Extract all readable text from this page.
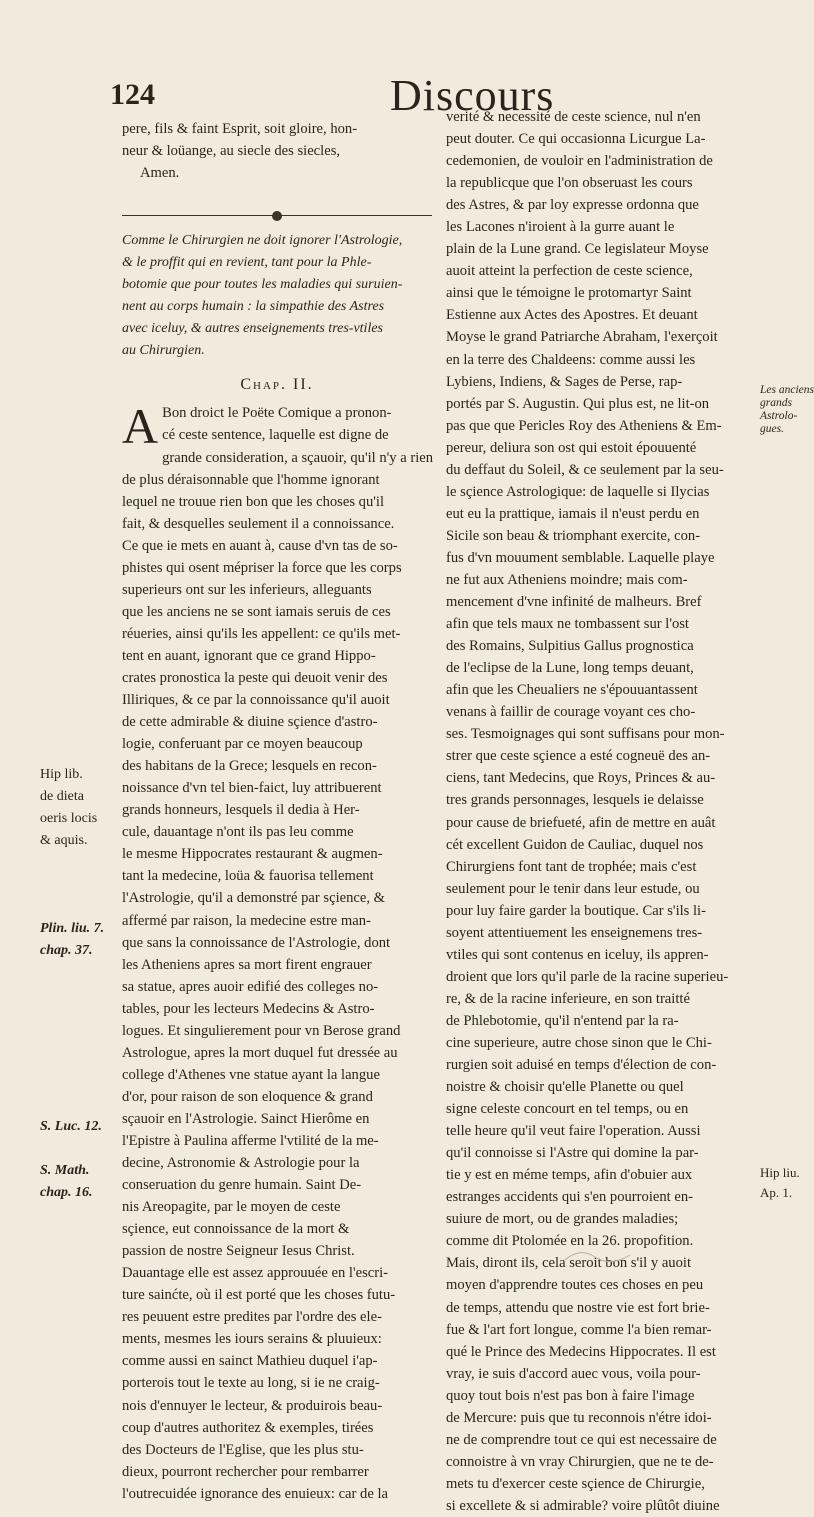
124	Discours
pere, fils & faint Esprit, soit gloire, hon-
neur & loüange, au siecle des siecles,
Amen.
Comme le Chirurgien ne doit ignorer l'Astrologie,
& le proffit qui en revient, tant pour la Phle-
botomie que pour toutes les maladies qui suruien-
nent au corps humain : la simpathie des Astres
avec iceluy, & autres enseignements tres-vtiles
au Chirurgien.
Chap. II.
A Bon droict le Poëte Comique a pronon-
cé ceste sentence, laquelle est digne de
grande consideration, a sçauoir, qu'il n'y a rien
de plus déraisonnable que l'homme ignorant
lequel ne trouue rien bon que les choses qu'il
fait, & desquelles seulement il a connoissance.
Ce que ie mets en auant à, cause d'vn tas de so-
phistes qui osent mépriser la force que les corps
superieurs ont sur les inferieurs, alleguants
que les anciens ne se sont iamais seruis de ces
réueries, ainsi qu'ils les appellent: ce qu'ils met-
tent en auant, ignorant que ce grand Hippo-
crates pronostica la peste qui deuoit venir des
Illiriques, & ce par la connoissance qu'il auoit
de cette admirable & diuine sçience d'astro-
logie, conferuant par ce moyen beaucoup
des habitans de la Grece; lesquels en recon-
noissance d'vn tel bien-faict, luy attribuerent
grands honneurs, lesquels il dedia à Her-
cule, dauantage n'ont ils pas leu comme
le mesme Hippocrates restaurant & augmen-
tant la medecine, loüa & fauorisa tellement
l'Astrologie, qu'il a demonstré par sçience, &
affermé par raison, la medecine estre man-
que sans la connoissance de l'Astrologie, dont
les Atheniens apres sa mort firent engrauer
sa statue, apres auoir edifié des colleges no-
tables, pour les lecteurs Medecins & Astro-
logues. Et singulierement pour vn Berose grand
Astrologue, apres la mort duquel fut dressée au
college d'Athenes vne statue ayant la langue
d'or, pour raison de son eloquence & grand
sçauoir en l'Astrologie. Sainct Hierôme en
l'Epistre à Paulina afferme l'vtilité de la me-
decine, Astronomie & Astrologie pour la
conseruation du genre humain. Saint De-
nis Areopagite, par le moyen de ceste
sçience, eut connoissance de la mort &
passion de nostre Seigneur Iesus Christ.
Dauantage elle est assez approuuée en l'escri-
ture sainćte, où il est porté que les choses futu-
res peuuent estre predites par l'ordre des ele-
ments, mesmes les iours serains & pluuieux:
comme aussi en sainct Mathieu duquel i'ap-
porterois tout le texte au long, si ie ne craig-
nois d'ennuyer le lecteur, & produirois beau-
coup d'autres authoritez & exemples, tirées
des Docteurs de l'Eglise, que les plus stu-
dieux, pourront rechercher pour rembarrer
l'outrecuidée ignorance des enuieux: car de la
Hip lib.
de dieta
oeris locis
& aquis.
Plin. liu. 7.
chap. 37.
S. Luc. 12.
S. Math.
chap. 16.
verité & necessité de ceste science, nul n'en
peut douter. Ce qui occasionna Licurgue La-
cedemonien, de vouloir en l'administration de
la republicque que l'on obseruast les cours
des Astres, & par loy expresse ordonna que
les Lacones n'iroient à la gurre auant le
plain de la Lune grand. Ce legislateur Moyse
auoit atteint la perfection de ceste science,
ainsi que le témoigne le protomartyr Saint
Estienne aux Actes des Apostres. Et deuant
Moyse le grand Patriarche Abraham, l'exerçoit
en la terre des Chaldeens: comme aussi les
Lybiens, Indiens, & Sages de Perse, rap-
portés par S. Augustin. Qui plus est, ne lit-on
pas que que Pericles Roy des Atheniens & Em-
pereur, deliura son ost qui estoit épouuenté
du deffaut du Soleil, & ce seulement par la seu-
le sçience Astrologique: de laquelle si Ilycias
eut eu la prattique, iamais il n'eust perdu en
Sicile son beau & triomphant exercite, con-
fus d'vn mouument semblable. Laquelle playe
ne fut aux Atheniens moindre; mais com-
mencement d'vne infinité de malheurs. Bref
afin que tels maux ne tombassent sur l'ost
des Romains, Sulpitius Gallus prognostica
de l'eclipse de la Lune, long temps deuant,
afin que les Cheualiers ne s'épouuantassent
venans à faillir de courage voyant ces cho-
ses. Tesmoignages qui sont suffisans pour mon-
strer que ceste sçience a esté cogneuë des an-
ciens, tant Medecins, que Roys, Princes & au-
tres grands personnages, lesquels ie delaisse
pour cause de briefueté, afin de mettre en auât
cét excellent Guidon de Cauliac, duquel nos
Chirurgiens font tant de trophée; mais c'est
seulement pour le tenir dans leur estude, ou
pour luy faire garder la boutique. Car s'ils li-
soyent attentiuement les enseignemens tres-
vtiles qui sont contenus en iceluy, ils appren-
droient que lors qu'il parle de la racine superieu-
re, & de la racine inferieure, en son traitté
de Phlebotomie, qu'il n'entend par la ra-
cine superieure, autre chose sinon que le Chi-
rurgien soit aduisé en temps d'élection de con-
noistre & choisir qu'elle Planette ou quel
signe celeste concourt en tel temps, ou en
telle heure qu'il veut faire l'operation. Aussi
qu'il connoisse si l'Astre qui domine la par-
tie y est en méme temps, afin d'obuier aux
estranges accidents qui s'en pourroient en-
suiure de mort, ou de grandes maladies;
comme dit Ptolomée en la 26. propofition.
Mais, diront ils, cela seroit bon s'il y auoit
moyen d'apprendre toutes ces choses en peu
de temps, attendu que nostre vie est fort brie-
fue & l'art fort longue, comme l'a bien remar-
qué le Prince des Medecins Hippocrates. Il est
vray, ie suis d'accord auec vous, voila pour-
quoy tout bois n'est pas bon à faire l'image
de Mercure: puis que tu reconnois n'étre idoi-
ne de comprendre tout ce qui est necessaire de
connoistre à vn vray Chirurgien, que ne te de-
mets tu d'exercer ceste sçience de Chirurgie,
si excellete & si admirable? voire plûtôt diuine
Les anciens
grands
Astrolo-
gues.
Hip liu.
Ap. 1.
